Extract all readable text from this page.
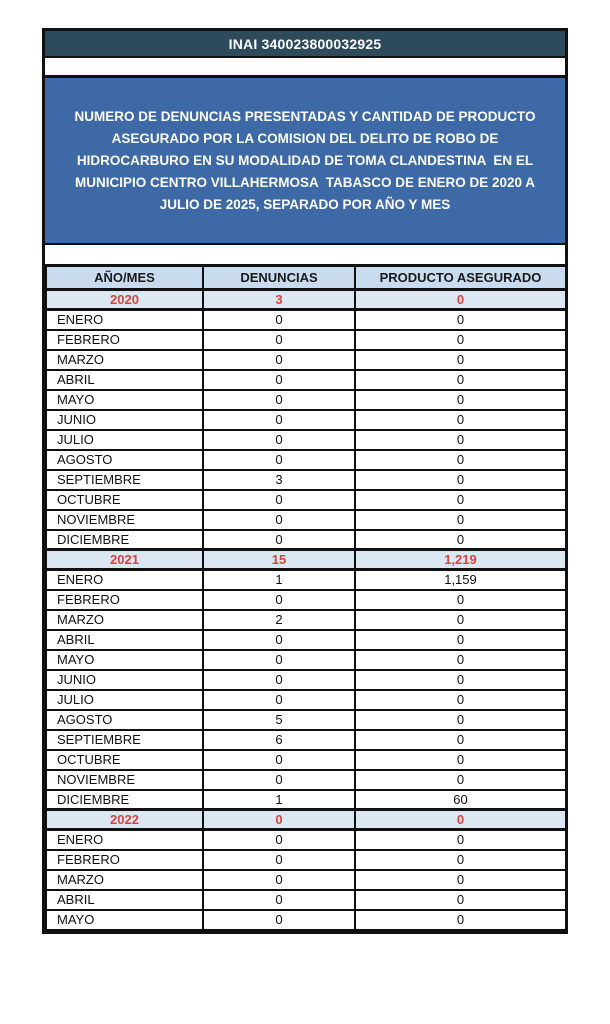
INAI 340023800032925

NUMERO DE DENUNCIAS PRESENTADAS Y CANTIDAD DE PRODUCTO ASEGURADO POR LA COMISION DEL DELITO DE ROBO DE HIDROCARBURO EN SU MODALIDAD DE TOMA CLANDESTINA  EN EL MUNICIPIO CENTRO VILLAHERMOSA  TABASCO DE ENERO DE 2020 A JULIO DE 2025, SEPARADO POR AÑO Y MES

AÑO/MES	DENUNCIAS	PRODUCTO ASEGURADO
2020	3	0
ENERO	0	0
FEBRERO	0	0
MARZO	0	0
ABRIL	0	0
MAYO	0	0
JUNIO	0	0
JULIO	0	0
AGOSTO	0	0
SEPTIEMBRE	3	0
OCTUBRE	0	0
NOVIEMBRE	0	0
DICIEMBRE	0	0
2021	15	1,219
ENERO	1	1,159
FEBRERO	0	0
MARZO	2	0
ABRIL	0	0
MAYO	0	0
JUNIO	0	0
JULIO	0	0
AGOSTO	5	0
SEPTIEMBRE	6	0
OCTUBRE	0	0
NOVIEMBRE	0	0
DICIEMBRE	1	60
2022	0	0
ENERO	0	0
FEBRERO	0	0
MARZO	0	0
ABRIL	0	0
MAYO	0	0
